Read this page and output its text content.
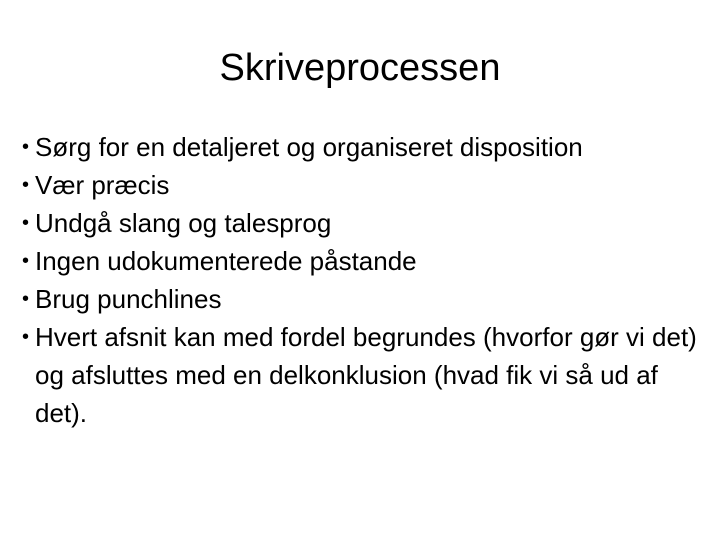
Skriveprocessen
• Sørg for en detaljeret og organiseret disposition
• Vær præcis
• Undgå slang og talesprog
• Ingen udokumenterede påstande
• Brug punchlines
• Hvert afsnit kan med fordel begrundes (hvorfor gør vi det) og afsluttes med en delkonklusion (hvad fik vi så ud af det).
